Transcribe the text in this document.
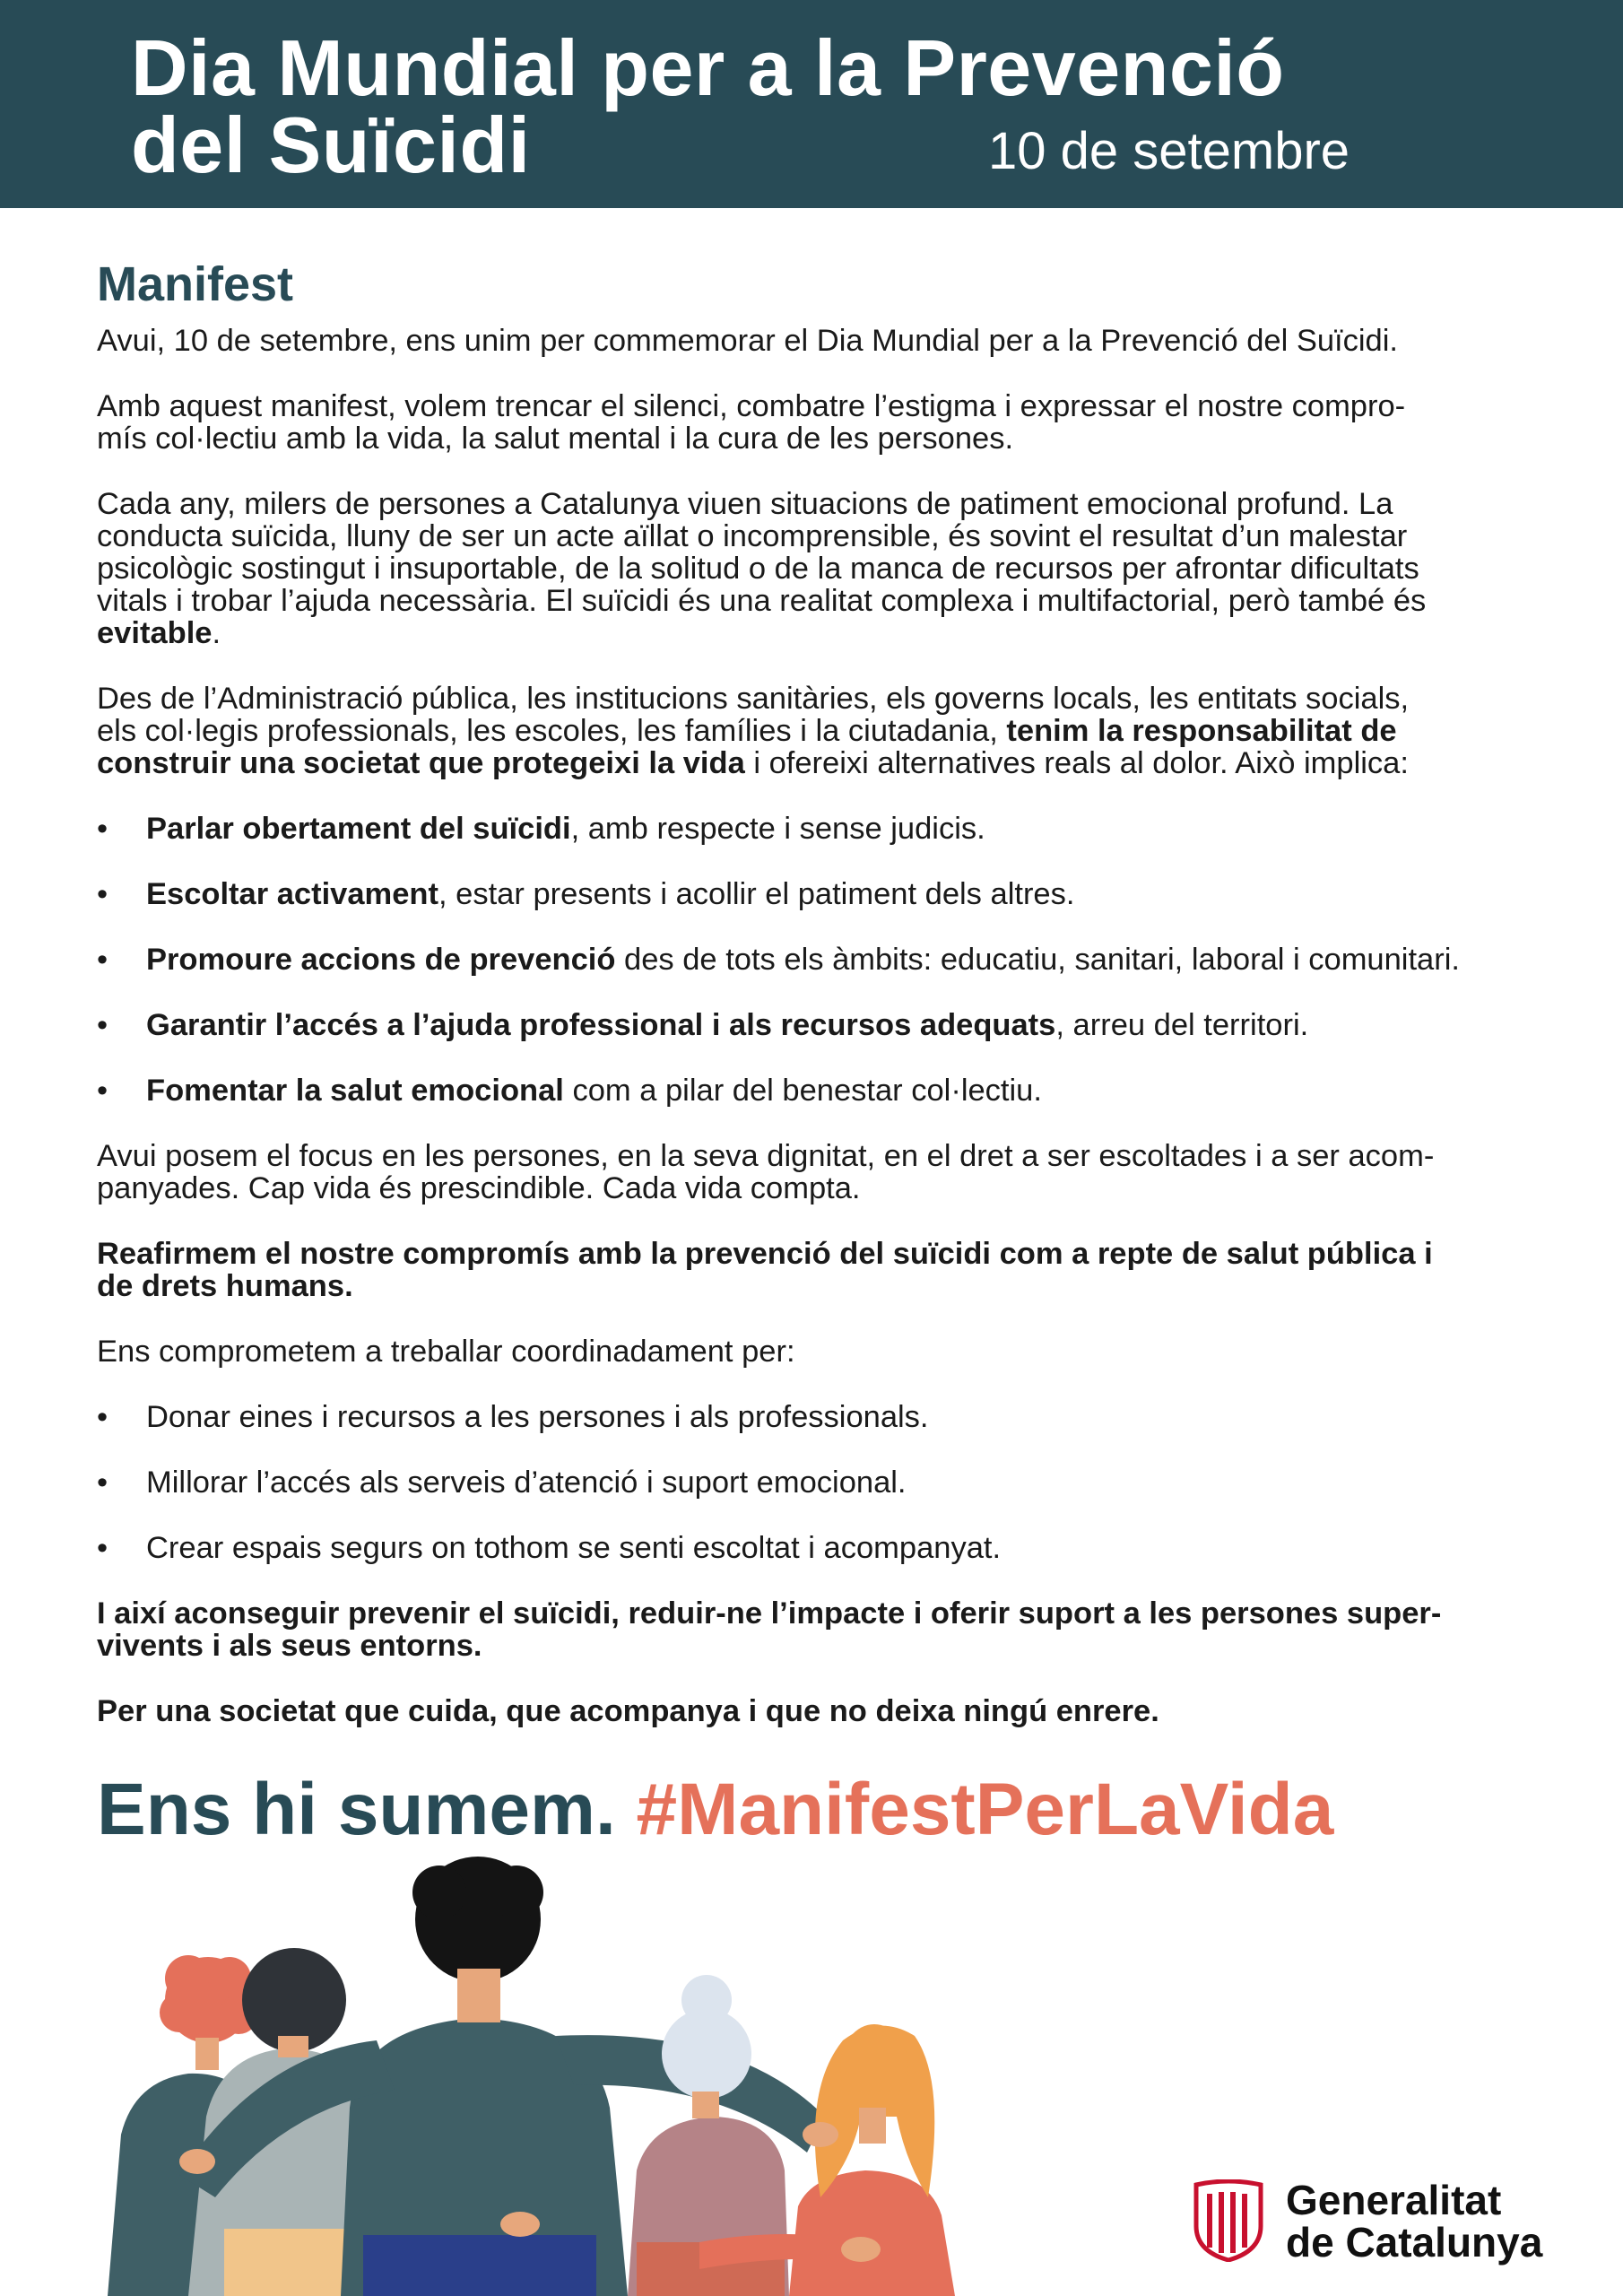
Dia Mundial per a la Prevenció
del Suïcidi	10 de setembre
Manifest

Avui, 10 de setembre, ens unim per commemorar el Dia Mundial per a la Prevenció del Suïcidi.

Amb aquest manifest, volem trencar el silenci, combatre l’estigma i expressar el nostre compro-
mís col·lectiu amb la vida, la salut mental i la cura de les persones.

Cada any, milers de persones a Catalunya viuen situacions de patiment emocional profund. La
conducta suïcida, lluny de ser un acte aïllat o incomprensible, és sovint el resultat d’un malestar
psicològic sostingut i insuportable, de la solitud o de la manca de recursos per afrontar dificultats
vitals i trobar l’ajuda necessària. El suïcidi és una realitat complexa i multifactorial, però també és
evitable.

Des de l’Administració pública, les institucions sanitàries, els governs locals, les entitats socials,
els col·legis professionals, les escoles, les famílies i la ciutadania, tenim la responsabilitat de
construir una societat que protegeixi la vida i ofereixi alternatives reals al dolor. Això implica:

• Parlar obertament del suïcidi, amb respecte i sense judicis.
• Escoltar activament, estar presents i acollir el patiment dels altres.
• Promoure accions de prevenció des de tots els àmbits: educatiu, sanitari, laboral i comunitari.
• Garantir l’accés a l’ajuda professional i als recursos adequats, arreu del territori.
• Fomentar la salut emocional com a pilar del benestar col·lectiu.

Avui posem el focus en les persones, en la seva dignitat, en el dret a ser escoltades i a ser acom-
panyades. Cap vida és prescindible. Cada vida compta.

Reafirmem el nostre compromís amb la prevenció del suïcidi com a repte de salut pública i
de drets humans.

Ens comprometem a treballar coordinadament per:

• Donar eines i recursos a les persones i als professionals.
• Millorar l’accés als serveis d’atenció i suport emocional.
• Crear espais segurs on tothom se senti escoltat i acompanyat.

I així aconseguir prevenir el suïcidi, reduir-ne l’impacte i oferir suport a les persones super-
vivents i als seus entorns.

Per una societat que cuida, que acompanya i que no deixa ningú enrere.

Ens hi sumem. #ManifestPerLaVida
Generalitat
de Catalunya
